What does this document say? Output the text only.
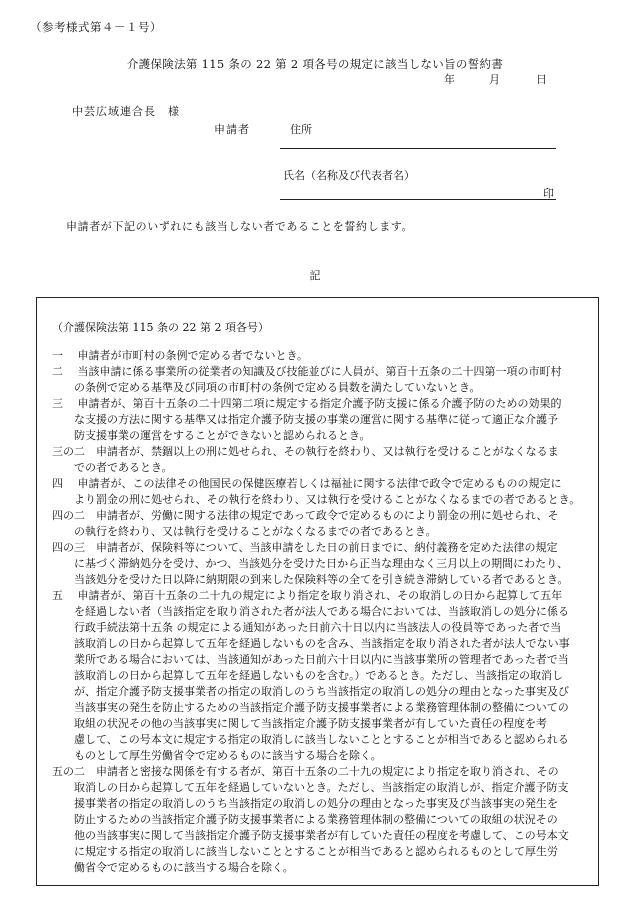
（参考様式第４－１号）
介護保険法第 115 条の 22 第 2 項各号の規定に該当しない旨の誓約書
年	月	日
中芸広域連合長　様
申請者	住所
氏名（名称及び代表者名）
印
申請者が下記のいずれにも該当しない者であることを誓約します。
記
（介護保険法第 115 条の 22 第 2 項各号）
一　 申請者が市町村の条例で定める者でないとき。
二　 当該申請に係る事業所の従業者の知識及び技能並びに人員が、第百十五条の二十四第一項の市町村
　　の条例で定める基準及び同項の市町村の条例で定める員数を満たしていないとき。
三　 申請者が、第百十五条の二十四第二項に規定する指定介護予防支援に係る介護予防のための効果的
　　な支援の方法に関する基準又は指定介護予防支援の事業の運営に関する基準に従って適正な介護予
　　防支援事業の運営をすることができないと認められるとき。
三の二　申請者が、禁錮以上の刑に処せられ、その執行を終わり、又は執行を受けることがなくなるま
　　での者であるとき。
四　 申請者が、この法律その他国民の保健医療若しくは福祉に関する法律で政令で定めるものの規定に
　　より罰金の刑に処せられ、その執行を終わり、又は執行を受けることがなくなるまでの者であるとき。
四の二　申請者が、労働に関する法律の規定であって政令で定めるものにより罰金の刑に処せられ、そ
　　の執行を終わり、又は執行を受けることがなくなるまでの者であるとき。
四の三　申請者が、保険料等について、当該申請をした日の前日までに、納付義務を定めた法律の規定
　　に基づく滞納処分を受け、かつ、当該処分を受けた日から正当な理由なく三月以上の期間にわたり、
　　当該処分を受けた日以降に納期限の到来した保険料等の全てを引き続き滞納している者であるとき。
五　 申請者が、第百十五条の二十九の規定により指定を取り消され、その取消しの日から起算して五年
　　を経過しない者（当該指定を取り消された者が法人である場合においては、当該取消しの処分に係る
　　行政手続法第十五条 の規定による通知があった日前六十日以内に当該法人の役員等であった者で当
　　該取消しの日から起算して五年を経過しないものを含み、当該指定を取り消された者が法人でない事
　　業所である場合においては、当該通知があった日前六十日以内に当該事業所の管理者であった者で当
　　該取消しの日から起算して五年を経過しないものを含む。）であるとき。ただし、当該指定の取消し
　　が、指定介護予防支援事業者の指定の取消しのうち当該指定の取消しの処分の理由となった事実及び
　　当該事実の発生を防止するための当該指定介護予防支援事業者による業務管理体制の整備についての
　　取組の状況その他の当該事実に関して当該指定介護予防支援事業者が有していた責任の程度を考
　　慮して、この号本文に規定する指定の取消しに該当しないこととすることが相当であると認められる
　　ものとして厚生労働省令で定めるものに該当する場合を除く。
五の二　申請者と密接な関係を有する者が、第百十五条の二十九の規定により指定を取り消され、その
　　取消しの日から起算して五年を経過していないとき。ただし、当該指定の取消しが、指定介護予防支
　　援事業者の指定の取消しのうち当該指定の取消しの処分の理由となった事実及び当該事実の発生を
　　防止するための当該指定介護予防支援事業者による業務管理体制の整備についての取組の状況その
　　他の当該事実に関して当該指定介護予防支援事業者が有していた責任の程度を考慮して、この号本文
　　に規定する指定の取消しに該当しないこととすることが相当であると認められるものとして厚生労
　　働省令で定めるものに該当する場合を除く。
